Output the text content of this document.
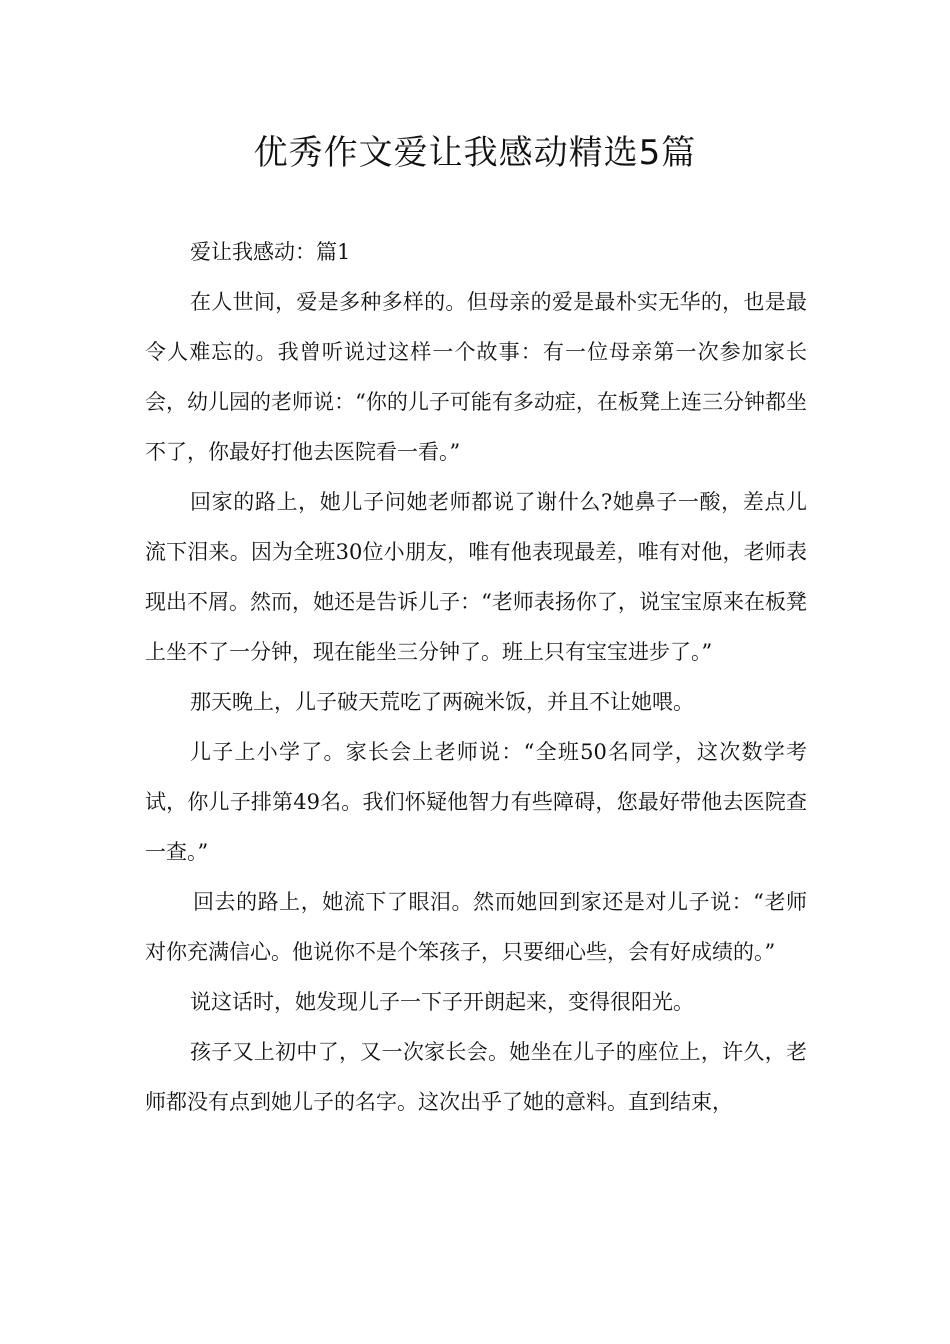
优秀作文爱让我感动精选5篇

爱让我感动：篇1

在人世间，爱是多种多样的。但母亲的爱是最朴实无华的，也是最令人难忘的。我曾听说过这样一个故事：有一位母亲第一次参加家长会，幼儿园的老师说：“你的儿子可能有多动症，在板凳上连三分钟都坐不了，你最好打他去医院看一看。”

回家的路上，她儿子问她老师都说了谢什么?她鼻子一酸，差点儿流下泪来。因为全班30位小朋友，唯有他表现最差，唯有对他，老师表现出不屑。然而，她还是告诉儿子：“老师表扬你了，说宝宝原来在板凳上坐不了一分钟，现在能坐三分钟了。班上只有宝宝进步了。”

那天晚上，儿子破天荒吃了两碗米饭，并且不让她喂。

儿子上小学了。家长会上老师说：“全班50名同学，这次数学考试，你儿子排第49名。我们怀疑他智力有些障碍，您最好带他去医院查一查。”

回去的路上，她流下了眼泪。然而她回到家还是对儿子说：“老师对你充满信心。他说你不是个笨孩子，只要细心些，会有好成绩的。”

说这话时，她发现儿子一下子开朗起来，变得很阳光。

孩子又上初中了，又一次家长会。她坐在儿子的座位上，许久，老师都没有点到她儿子的名字。这次出乎了她的意料。直到结束，
